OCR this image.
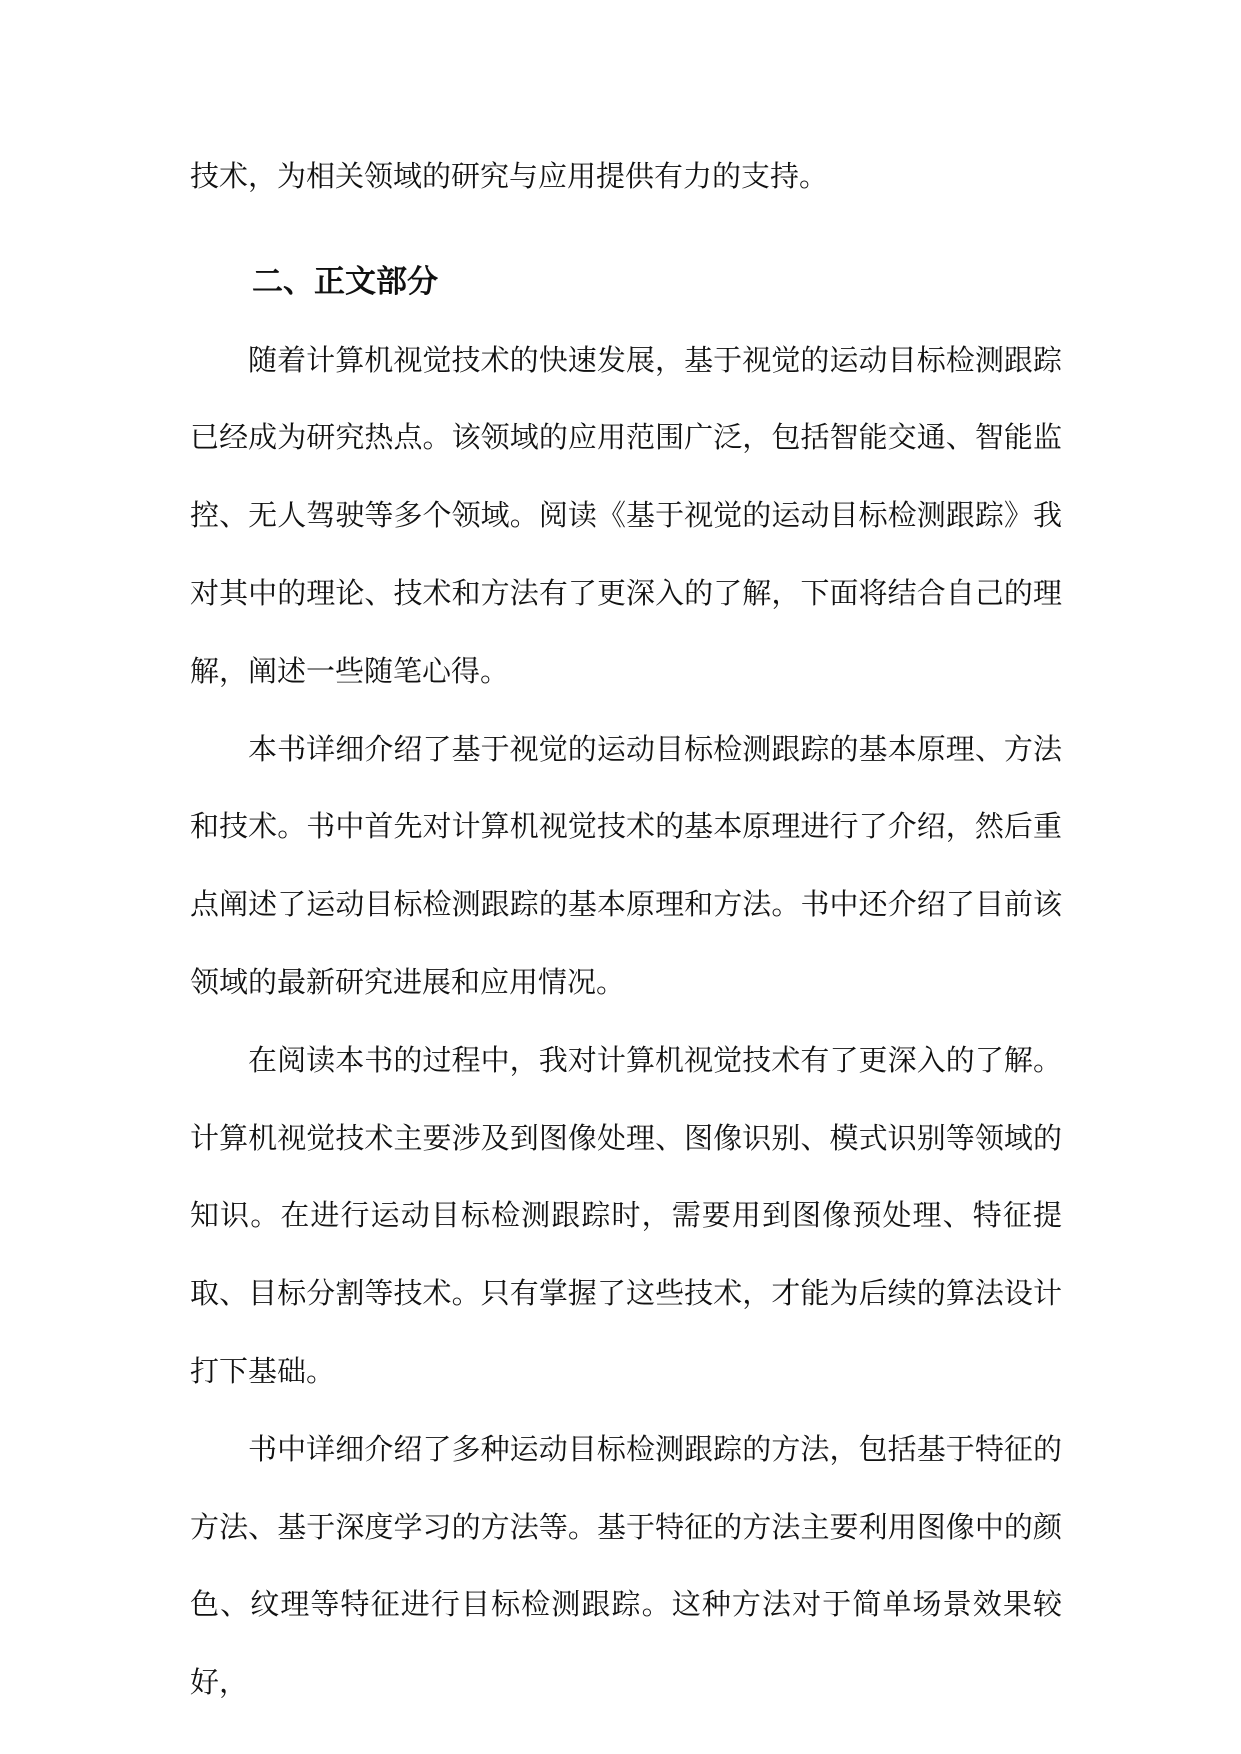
技术，为相关领域的研究与应用提供有力的支持。

二、正文部分

随着计算机视觉技术的快速发展，基于视觉的运动目标检测跟踪已经成为研究热点。该领域的应用范围广泛，包括智能交通、智能监控、无人驾驶等多个领域。阅读《基于视觉的运动目标检测跟踪》我对其中的理论、技术和方法有了更深入的了解，下面将结合自己的理解，阐述一些随笔心得。

本书详细介绍了基于视觉的运动目标检测跟踪的基本原理、方法和技术。书中首先对计算机视觉技术的基本原理进行了介绍，然后重点阐述了运动目标检测跟踪的基本原理和方法。书中还介绍了目前该领域的最新研究进展和应用情况。

在阅读本书的过程中，我对计算机视觉技术有了更深入的了解。计算机视觉技术主要涉及到图像处理、图像识别、模式识别等领域的知识。在进行运动目标检测跟踪时，需要用到图像预处理、特征提取、目标分割等技术。只有掌握了这些技术，才能为后续的算法设计打下基础。

书中详细介绍了多种运动目标检测跟踪的方法，包括基于特征的方法、基于深度学习的方法等。基于特征的方法主要利用图像中的颜色、纹理等特征进行目标检测跟踪。这种方法对于简单场景效果较好，
